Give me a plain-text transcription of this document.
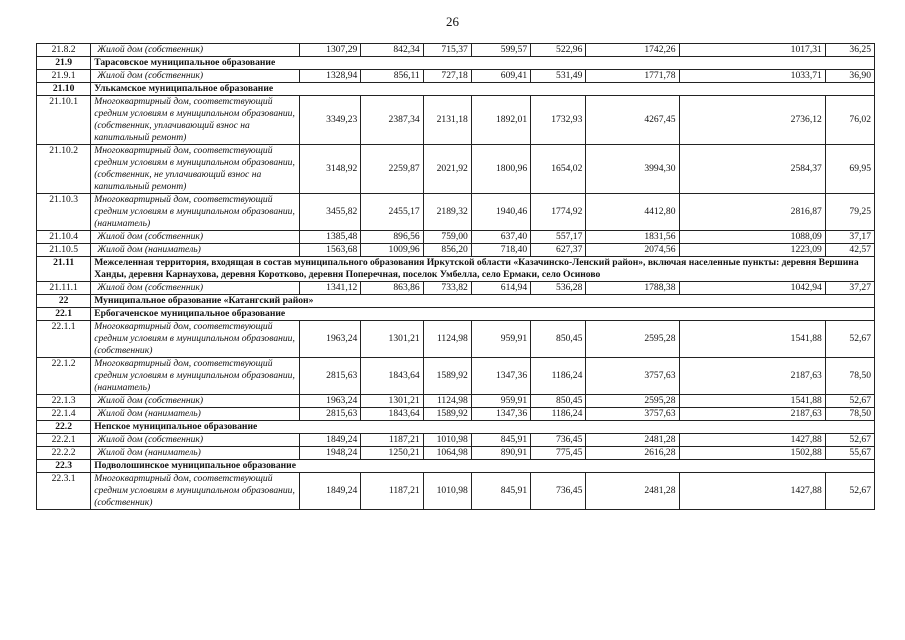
26
21.8.2	Жилой дом (собственник)	1307,29	842,34	715,37	599,57	522,96	1742,26	1017,31	36,25
21.9	Тарасовское муниципальное образование								
21.9.1	Жилой дом (собственник)	1328,94	856,11	727,18	609,41	531,49	1771,78	1033,71	36,90
21.10	Улькамское муниципальное образование								
21.10.1	Многоквартирный дом, соответствующий средним условиям в муниципальном образовании, (собственник, уплачивающий взнос на капитальный ремонт)	3349,23	2387,34	2131,18	1892,01	1732,93	4267,45	2736,12	76,02
21.10.2	Многоквартирный дом, соответствующий средним условиям в муниципальном образовании, (собственник, не уплачивающий взнос на капитальный ремонт)	3148,92	2259,87	2021,92	1800,96	1654,02	3994,30	2584,37	69,95
21.10.3	Многоквартирный дом, соответствующий средним условиям в муниципальном образовании, (наниматель)	3455,82	2455,17	2189,32	1940,46	1774,92	4412,80	2816,87	79,25
21.10.4	Жилой дом (собственник)	1385,48	896,56	759,00	637,40	557,17	1831,56	1088,09	37,17
21.10.5	Жилой дом (наниматель)	1563,68	1009,96	856,20	718,40	627,37	2074,56	1223,09	42,57
21.11	Межселенная территория, входящая в состав муниципального образования Иркутской области «Казачинско-Ленский район», включая населенные пункты: деревня Вершина Ханды, деревня Карнаухова, деревня Коротково, деревня Поперечная, поселок Умбелла, село Ермаки, село Осиново								
21.11.1	Жилой дом (собственник)	1341,12	863,86	733,82	614,94	536,28	1788,38	1042,94	37,27
22	Муниципальное образование «Катангский район»								
22.1	Ербогаченское муниципальное образование								
22.1.1	Многоквартирный дом, соответствующий средним условиям в муниципальном образовании, (собственник)	1963,24	1301,21	1124,98	959,91	850,45	2595,28	1541,88	52,67
22.1.2	Многоквартирный дом, соответствующий средним условиям в муниципальном образовании, (наниматель)	2815,63	1843,64	1589,92	1347,36	1186,24	3757,63	2187,63	78,50
22.1.3	Жилой дом (собственник)	1963,24	1301,21	1124,98	959,91	850,45	2595,28	1541,88	52,67
22.1.4	Жилой дом (наниматель)	2815,63	1843,64	1589,92	1347,36	1186,24	3757,63	2187,63	78,50
22.2	Непское муниципальное образование								
22.2.1	Жилой дом (собственник)	1849,24	1187,21	1010,98	845,91	736,45	2481,28	1427,88	52,67
22.2.2	Жилой дом (наниматель)	1948,24	1250,21	1064,98	890,91	775,45	2616,28	1502,88	55,67
22.3	Подволошинское муниципальное образование								
22.3.1	Многоквартирный дом, соответствующий средним условиям в муниципальном образовании, (собственник)	1849,24	1187,21	1010,98	845,91	736,45	2481,28	1427,88	52,67
